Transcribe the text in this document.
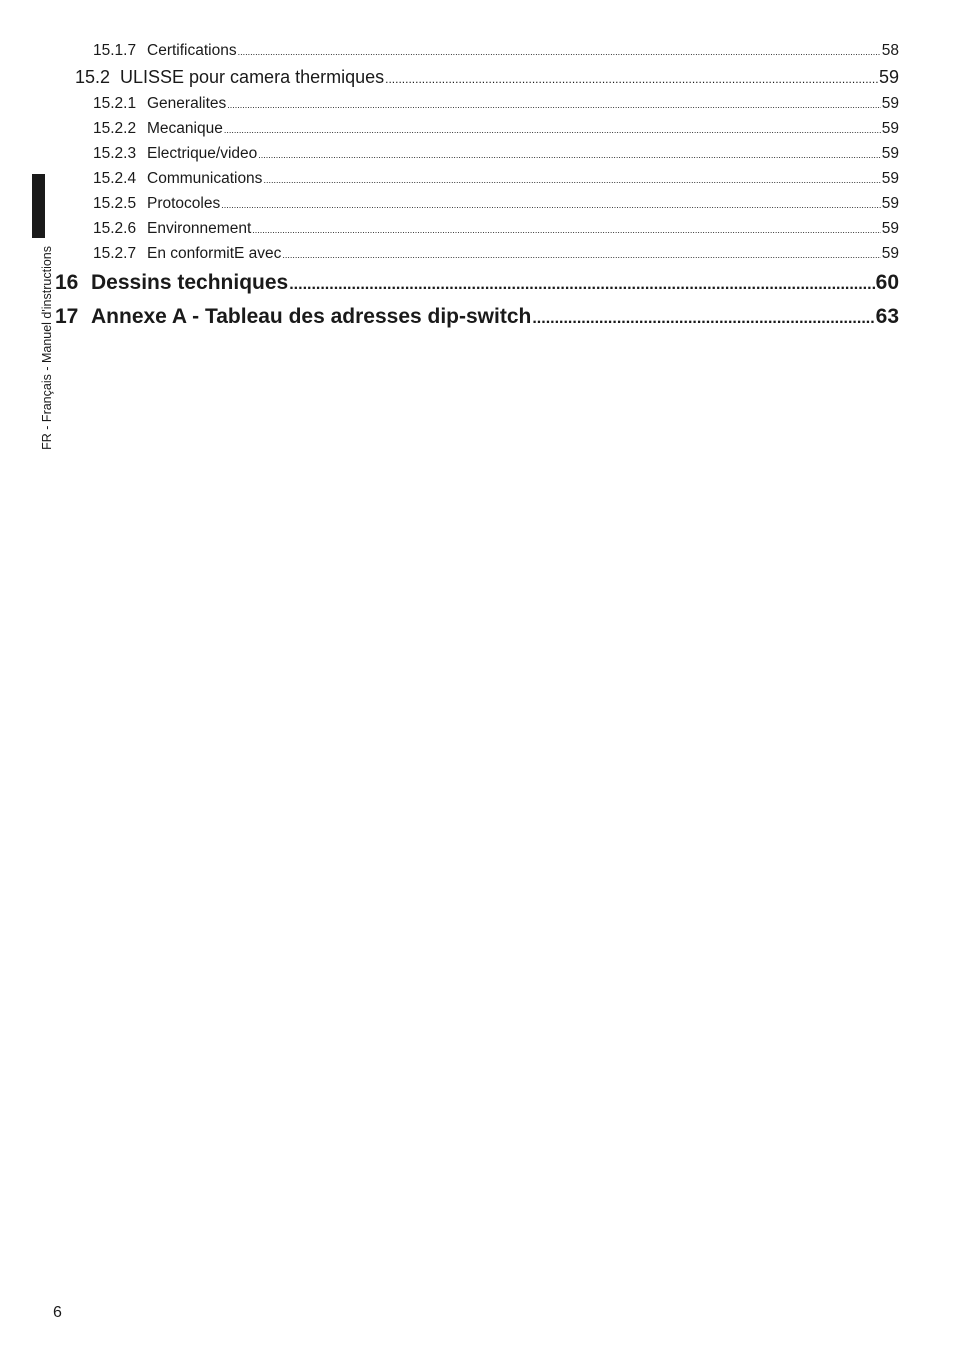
FR - Français - Manuel d'instructions
15.1.7 Certifications .....	58
15.2 ULISSE pour camera thermiques .....	59
15.2.1 Generalites .....	59
15.2.2 Mecanique .....	59
15.2.3 Electrique/video .....	59
15.2.4 Communications .....	59
15.2.5 Protocoles .....	59
15.2.6 Environnement .....	59
15.2.7 En conformitE avec .....	59
16 Dessins techniques .....	60
17 Annexe A - Tableau des adresses dip-switch .....	63
6
